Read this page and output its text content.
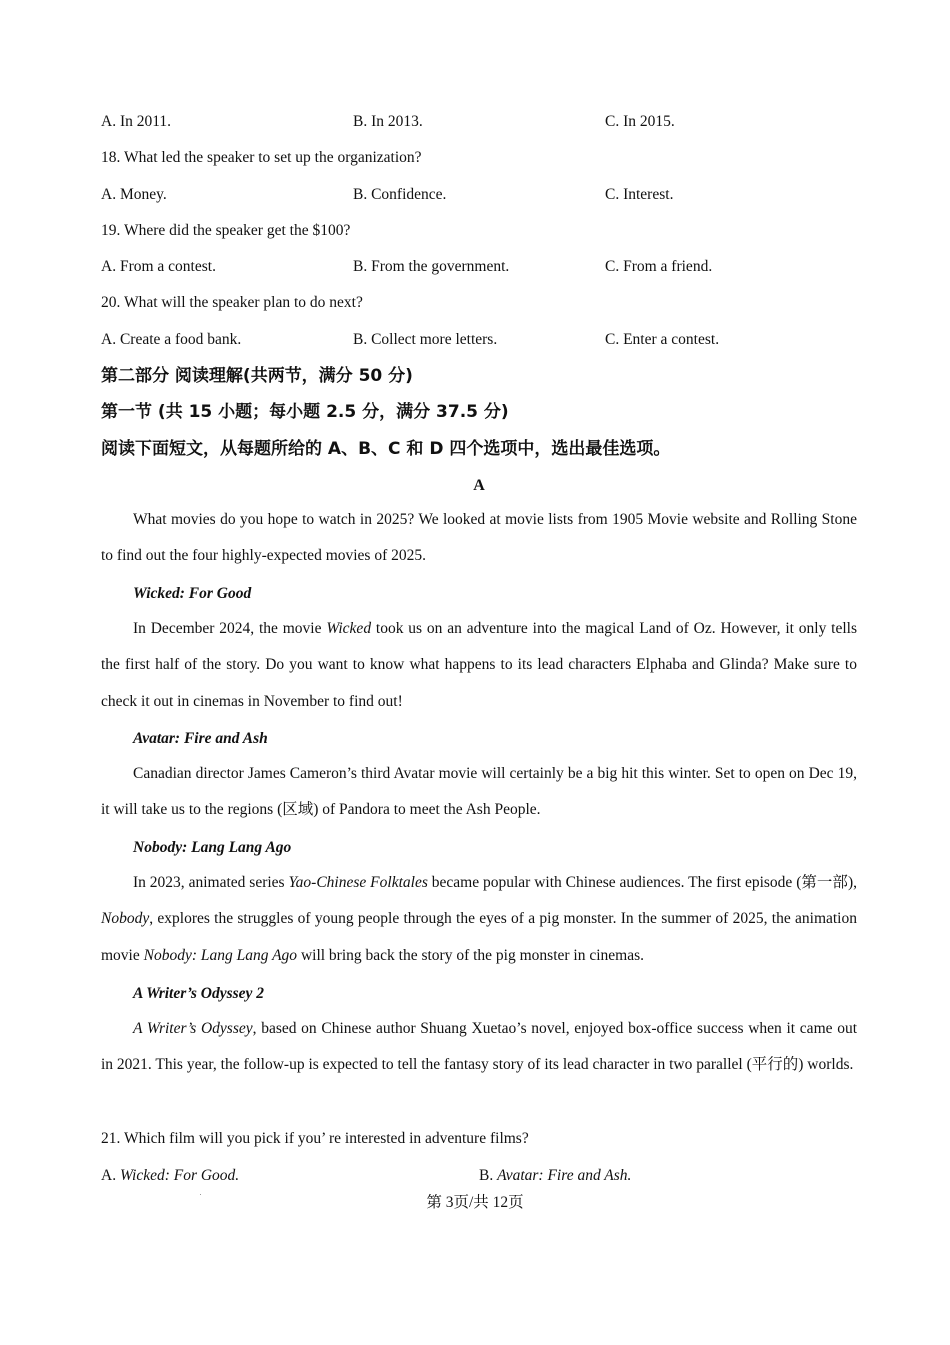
A. In 2011.	B. In 2013.	C. In 2015.
18. What led the speaker to set up the organization?
A. Money.	B. Confidence.	C. Interest.
19. Where did the speaker get the $100?
A. From a contest.	B. From the government.	C. From a friend.
20. What will the speaker plan to do next?
A. Create a food bank.	B. Collect more letters.	C. Enter a contest.
第二部分 阅读理解(共两节，满分 50 分)
第一节 (共 15 小题；每小题 2.5 分，满分 37.5 分)
阅读下面短文，从每题所给的 A、B、C 和 D 四个选项中，选出最佳选项。
A
What movies do you hope to watch in 2025? We looked at movie lists from 1905 Movie website and Rolling Stone to find out the four highly-expected movies of 2025.
Wicked: For Good
In December 2024, the movie Wicked took us on an adventure into the magical Land of Oz. However, it only tells the first half of the story. Do you want to know what happens to its lead characters Elphaba and Glinda? Make sure to check it out in cinemas in November to find out!
Avatar: Fire and Ash
Canadian director James Cameron’s third Avatar movie will certainly be a big hit this winter. Set to open on Dec 19, it will take us to the regions (区域) of Pandora to meet the Ash People.
Nobody: Lang Lang Ago
In 2023, animated series Yao-Chinese Folktales became popular with Chinese audiences. The first episode (第一部), Nobody, explores the struggles of young people through the eyes of a pig monster. In the summer of 2025, the animation movie Nobody: Lang Lang Ago will bring back the story of the pig monster in cinemas.
A Writer’s Odyssey 2
A Writer’s Odyssey, based on Chinese author Shuang Xuetao’s novel, enjoyed box-office success when it came out in 2021. This year, the follow-up is expected to tell the fantasy story of its lead character in two parallel (平行的) worlds.
21. Which film will you pick if you’ re interested in adventure films?
A. Wicked: For Good.	B. Avatar: Fire and Ash.
第 3页/共 12页
